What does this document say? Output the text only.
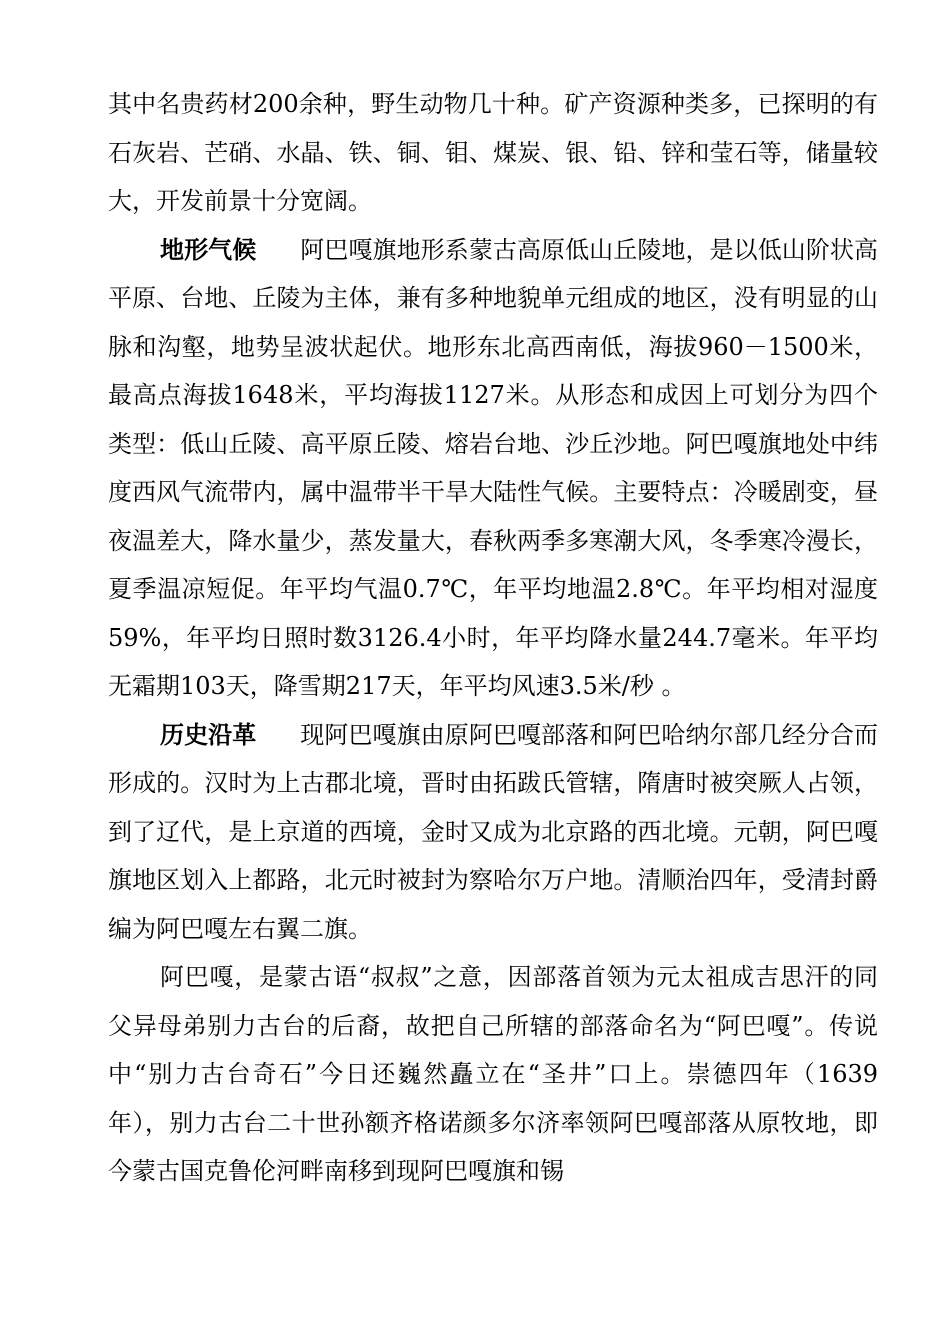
其中名贵药材200余种，野生动物几十种。矿产资源种类多，已探明的有石灰岩、芒硝、水晶、铁、铜、钼、煤炭、银、铅、锌和莹石等，储量较大，开发前景十分宽阔。

地形气候 阿巴嘎旗地形系蒙古高原低山丘陵地，是以低山阶状高平原、台地、丘陵为主体，兼有多种地貌单元组成的地区，没有明显的山脉和沟壑，地势呈波状起伏。地形东北高西南低，海拔960－1500米，最高点海拔1648米，平均海拔1127米。从形态和成因上可划分为四个类型：低山丘陵、高平原丘陵、熔岩台地、沙丘沙地。阿巴嘎旗地处中纬度西风气流带内，属中温带半干旱大陆性气候。主要特点：冷暖剧变，昼夜温差大，降水量少，蒸发量大，春秋两季多寒潮大风，冬季寒冷漫长，夏季温凉短促。年平均气温0.7℃，年平均地温2.8℃。年平均相对湿度59%，年平均日照时数3126.4小时，年平均降水量244.7毫米。年平均无霜期103天，降雪期217天，年平均风速3.5米/秒 。

历史沿革 现阿巴嘎旗由原阿巴嘎部落和阿巴哈纳尔部几经分合而形成的。汉时为上古郡北境，晋时由拓跋氏管辖，隋唐时被突厥人占领，到了辽代，是上京道的西境，金时又成为北京路的西北境。元朝，阿巴嘎旗地区划入上都路，北元时被封为察哈尔万户地。清顺治四年，受清封爵编为阿巴嘎左右翼二旗。

阿巴嘎，是蒙古语“叔叔”之意，因部落首领为元太祖成吉思汗的同父异母弟别力古台的后裔，故把自己所辖的部落命名为“阿巴嘎”。传说中“别力古台奇石”今日还巍然矗立在“圣井”口上。崇德四年（1639年），别力古台二十世孙额齐格诺颜多尔济率领阿巴嘎部落从原牧地，即今蒙古国克鲁伦河畔南移到现阿巴嘎旗和锡
